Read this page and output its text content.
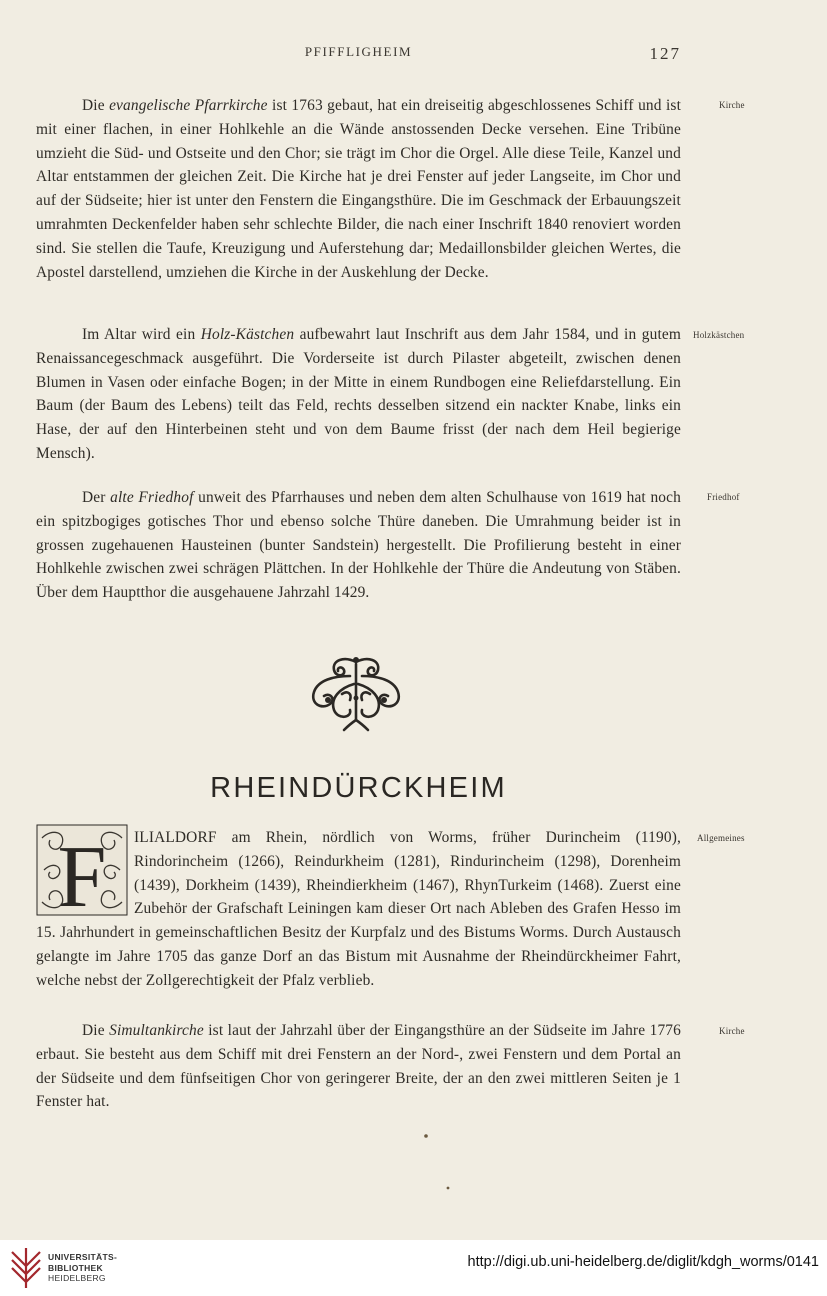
PFIFFLIGHEIM	127

Die evangelische Pfarrkirche ist 1763 gebaut, hat ein dreiseitig abgeschlossenes Schiff und ist mit einer flachen, in einer Hohlkehle an die Wände anstossenden Decke versehen. Eine Tribüne umzieht die Süd- und Ostseite und den Chor; sie trägt im Chor die Orgel. Alle diese Teile, Kanzel und Altar entstammen der gleichen Zeit. Die Kirche hat je drei Fenster auf jeder Langseite, im Chor und auf der Südseite; hier ist unter den Fenstern die Eingangsthüre. Die im Geschmack der Erbauungszeit umrahmten Deckenfelder haben sehr schlechte Bilder, die nach einer Inschrift 1840 renoviert worden sind. Sie stellen die Taufe, Kreuzigung und Auferstehung dar; Medaillonsbilder gleichen Wertes, die Apostel darstellend, umziehen die Kirche in der Auskehlung der Decke.

Kirche

Im Altar wird ein Holz-Kästchen aufbewahrt laut Inschrift aus dem Jahr 1584, und in gutem Renaissancegeschmack ausgeführt. Die Vorderseite ist durch Pilaster abgeteilt, zwischen denen Blumen in Vasen oder einfache Bogen; in der Mitte in einem Rundbogen eine Reliefdarstellung. Ein Baum (der Baum des Lebens) teilt das Feld, rechts desselben sitzend ein nackter Knabe, links ein Hase, der auf den Hinterbeinen steht und von dem Baume frisst (der nach dem Heil begierige Mensch).

Holzkästchen

Der alte Friedhof unweit des Pfarrhauses und neben dem alten Schulhause von 1619 hat noch ein spitzbogiges gotisches Thor und ebenso solche Thüre daneben. Die Umrahmung beider ist in grossen zugehauenen Hausteinen (bunter Sandstein) hergestellt. Die Profilierung besteht in einer Hohlkehle zwischen zwei schrägen Plättchen. In der Hohlkehle der Thüre die Andeutung von Stäben. Über dem Hauptthor die ausgehauene Jahrzahl 1429.

Friedhof
RHEINDÜRCKHEIM
F	ILIALDORF am Rhein, nördlich von Worms, früher Durincheim (1190), Rindorincheim (1266), Reindurkheim (1281), Rindurincheim (1298), Dorenheim (1439), Dorkheim (1439), Rheindierkheim (1467), RhynTurkeim (1468). Zuerst eine Zubehör der Grafschaft Leiningen kam dieser Ort nach Ableben des Grafen Hesso im 15. Jahrhundert in gemeinschaftlichen Besitz der Kurpfalz und des Bistums Worms. Durch Austausch gelangte im Jahre 1705 das ganze Dorf an das Bistum mit Ausnahme der Rheindürckheimer Fahrt, welche nebst der Zollgerechtigkeit der Pfalz verblieb.

Allgemeines

Die Simultankirche ist laut der Jahrzahl über der Eingangsthüre an der Südseite im Jahre 1776 erbaut. Sie besteht aus dem Schiff mit drei Fenstern an der Nord-, zwei Fenstern und dem Portal an der Südseite und dem fünfseitigen Chor von geringerer Breite, der an den zwei mittleren Seiten je 1 Fenster hat.

Kirche
UNIVERSITÄTS-
BIBLIOTHEK
HEIDELBERG
http://digi.ub.uni-heidelberg.de/diglit/kdgh_worms/0141
